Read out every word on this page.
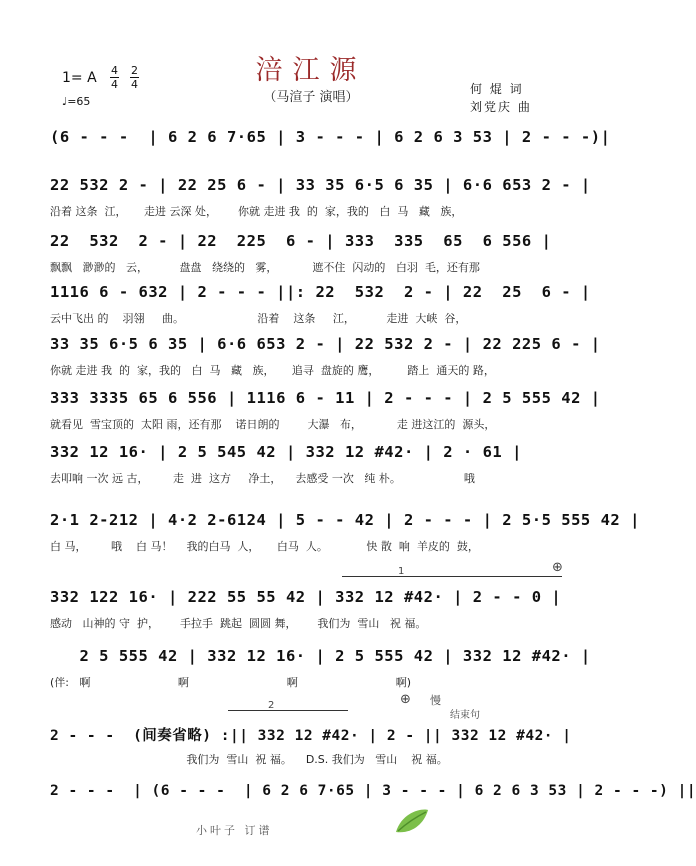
涪江源
（马渲子 演唱）
1= A 4
4
2
4
♩=65
何 焜 词
刘党庆 曲
(6 - - -  | 6 2 6 7·65 | 3 - - - | 6 2 6 3 53 | 2 - - -)|
22 532 2 - | 22 25 6 - | 33 35 6·5 6 35 | 6·6 653 2 - |
沿着 这条  江，     走进 云深 处，      你就 走进 我  的  家，我的   白  马   藏   族，
22  532  2 - | 22  225  6 - | 333  335  65  6 556 |
飘飘   渺渺的   云，         盘盘   绕绕的   雾，          遮不住  闪动的   白羽  毛，还有那
1116 6 - 632 | 2 - - - ||: 22  532  2 - | 22  25  6 - |
云中飞出 的    羽翎     曲。                     沿着    这条     江，         走进  大峡  谷，
33 35 6·5 6 35 | 6·6 653 2 - | 22 532 2 - | 22 225 6 - |
你就 走进 我  的  家，我的   白  马   藏   族，     追寻  盘旋的 鹰，        踏上  通天的 路，
333 3335 65 6 556 | 1116 6 - 11 | 2 - - - | 2 5 555 42 |
就看见  雪宝顶的  太阳 雨，还有那    诺日朗的        大瀑   布，          走 进这江的  源头，
332 12 16· | 2 5 545 42 | 332 12 #42· | 2 · 61 |
去叩响 一次 远 古，       走  进  这方     净土，    去感受 一次   纯 朴。                  哦
2·1 2-212 | 4·2 2-6124 | 5 - - 42 | 2 - - - | 2 5·5 555 42 |
白 马，       哦    白 马！    我的白马  人，     白马  人。           快 散  响  羊皮的  鼓，
1	⊕
332 122 16· | 222 55 55 42 | 332 12 #42· | 2 - - 0 |
感动   山神的 守  护，      手拉手  跳起  圆圆 舞，      我们为  雪山   祝 福。
2 5 555 42 | 332 12 16· | 2 5 555 42 | 332 12 #42· |
(伴:   啊                         啊                            啊                            啊)
2	⊕ 慢
结束句
2 - - -  (间奏省略) :|| 332 12 #42· | 2 - || 332 12 #42· |
我们为  雪山  祝 福。    D.S. 我们为   雪山    祝 福。
2 - - -  | (6 - - -  | 6 2 6 7·65 | 3 - - - | 6 2 6 3 53 | 2 - - -) ||
小叶子 订谱
